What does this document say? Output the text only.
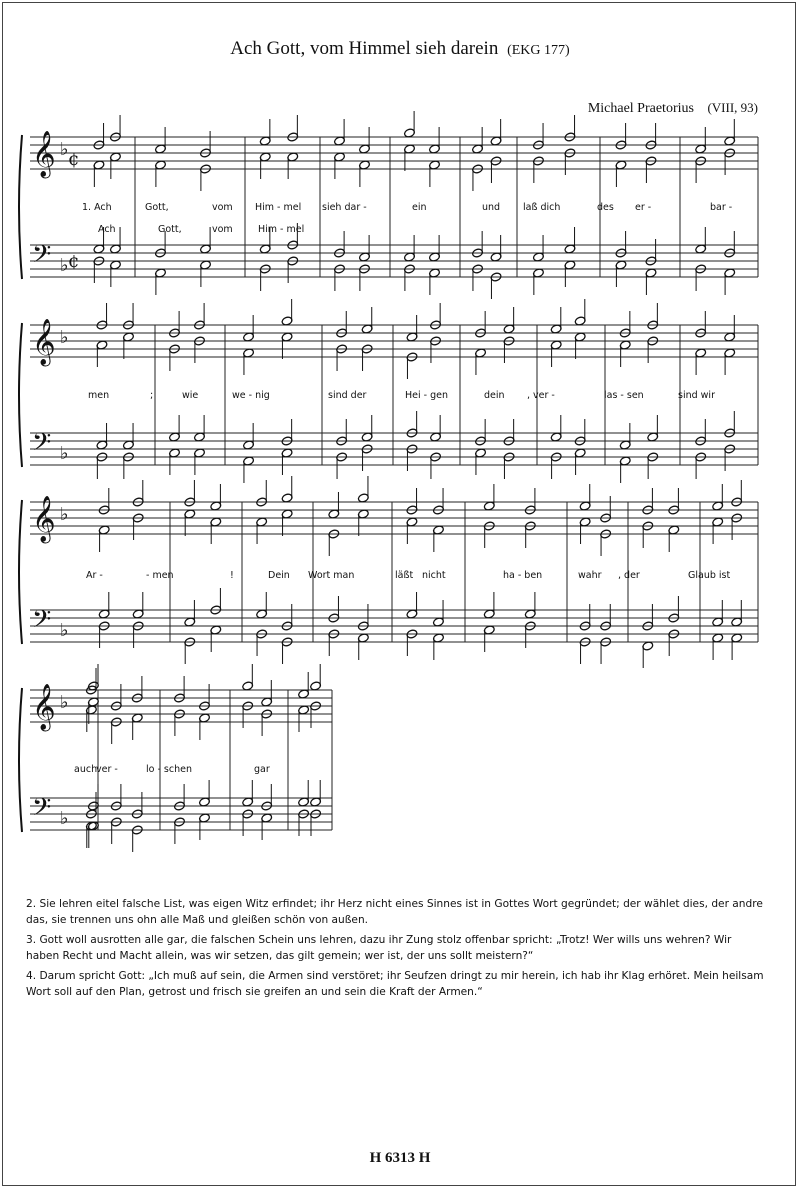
Ach Gott, vom Himmel sieh darein (EKG 177)
Michael Praetorius (VIII, 93)
𝄞 ♭
𝄢 ♭
¢
¢
1. Ach	Gott,	vom Him - mel sieh dar -	ein	und laß dich	des er -	bar -
Ach	Gott,	vom	Him - mel
𝄞 ♭
𝄢 ♭
men	;	wie	we - nig	sind der	Hei - gen	dein , ver -	las - sen	sind wir
𝄞 ♭
𝄢 ♭
Ar -	- men	!	Dein Wort man	läßt nicht	ha - ben	wahr , der	Glaub ist
𝄞 ♭
𝄢 ♭
auch
ver -	lo - schen	gar

2. Sie lehren eitel falsche List, was eigen Witz erfindet; ihr Herz nicht eines Sinnes ist in Gottes Wort gegründet; der wählet dies, der andre das, sie trennen uns ohn alle Maß und gleißen schön von außen.

3. Gott woll ausrotten alle gar, die falschen Schein uns lehren, dazu ihr Zung stolz offenbar spricht: „Trotz! Wer wills uns wehren? Wir haben Recht und Macht allein, was wir setzen, das gilt gemein; wer ist, der uns sollt meistern?“

4. Darum spricht Gott: „Ich muß auf sein, die Armen sind verstöret; ihr Seufzen dringt zu mir herein, ich hab ihr Klag erhöret. Mein heilsam Wort soll auf den Plan, getrost und frisch sie greifen an und sein die Kraft der Armen.“

H 6313 H
